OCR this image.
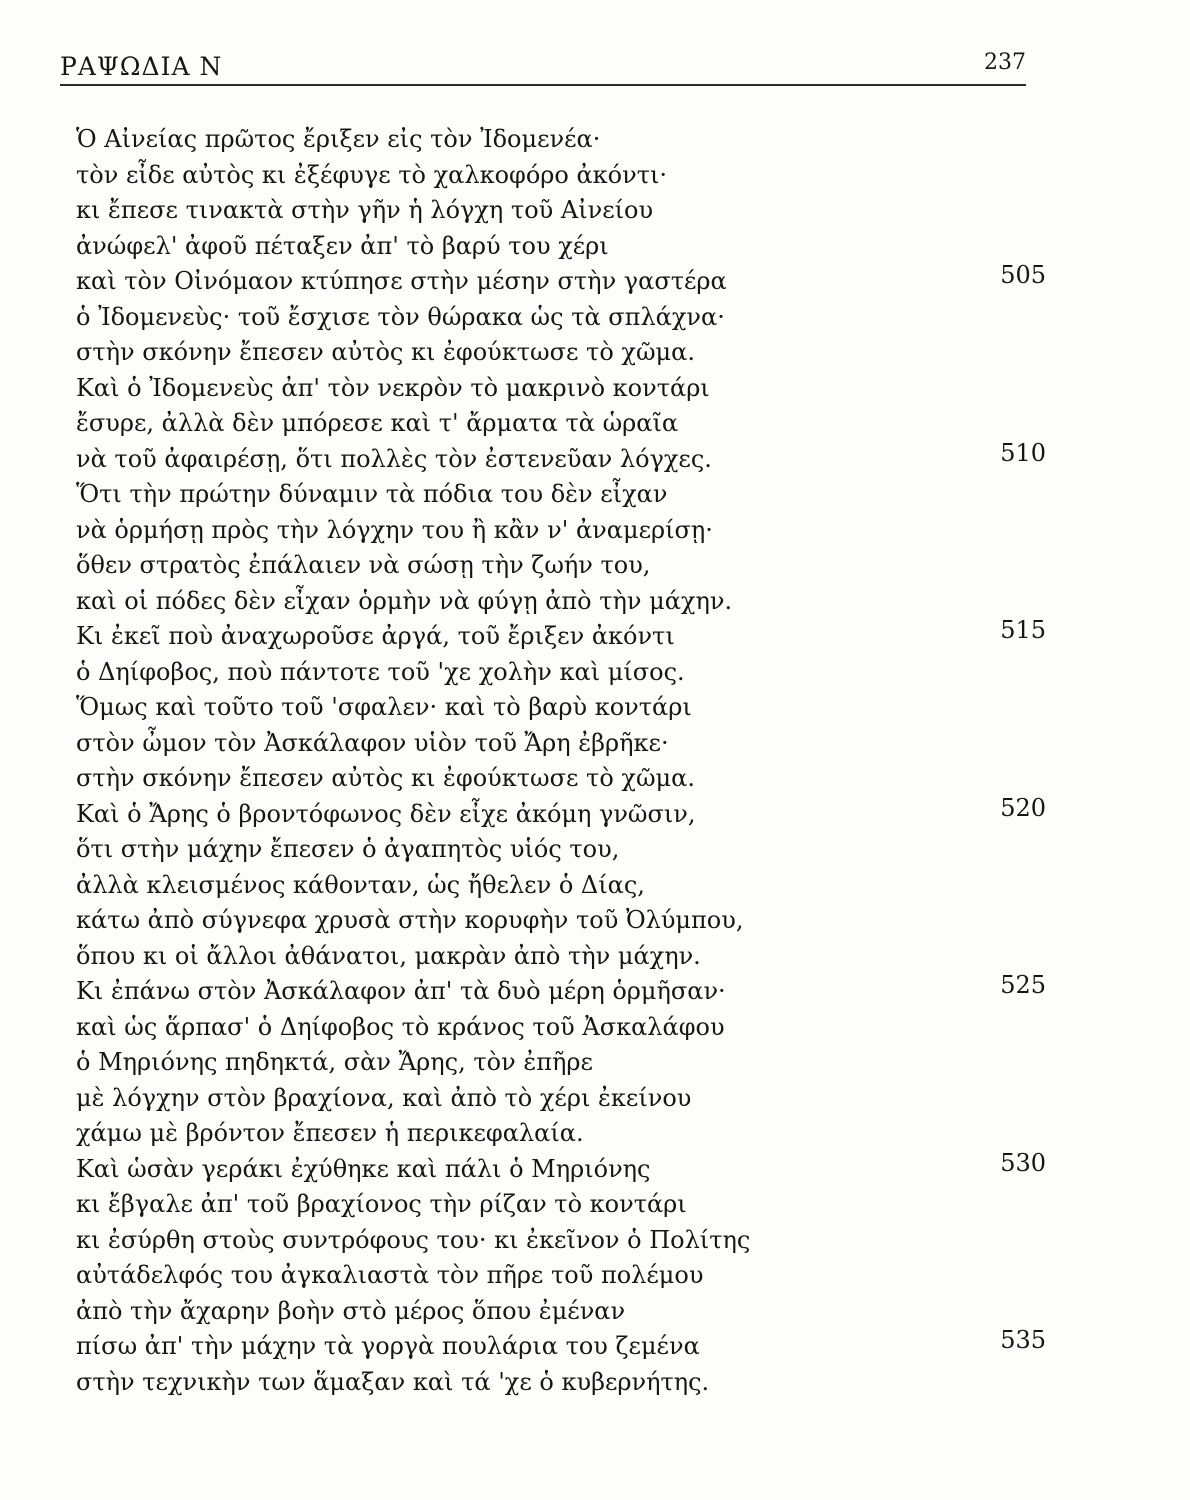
ΡΑΨΩΔΙΑ Ν	237
Ὁ Αἰνείας πρῶτος ἔριξεν εἰς τὸν Ἰδομενέα·
τὸν εἶδε αὐτὸς κι ἐξέφυγε τὸ χαλκοφόρο ἀκόντι·
κι ἔπεσε τινακτὰ στὴν γῆν ἡ λόγχη τοῦ Αἰνείου
ἀνώφελ' ἀφοῦ πέταξεν ἀπ' τὸ βαρύ του χέρι
καὶ τὸν Οἰνόμαον κτύπησε στὴν μέσην στὴν γαστέρα	505
ὁ Ἰδομενεὺς· τοῦ ἔσχισε τὸν θώρακα ὡς τὰ σπλάχνα·
στὴν σκόνην ἔπεσεν αὐτὸς κι ἐφούκτωσε τὸ χῶμα.
Καὶ ὁ Ἰδομενεὺς ἀπ' τὸν νεκρὸν τὸ μακρινὸ κοντάρι
ἔσυρε, ἀλλὰ δὲν μπόρεσε καὶ τ' ἄρματα τὰ ὡραῖα
νὰ τοῦ ἀφαιρέσῃ, ὅτι πολλὲς τὸν ἐστενεῦαν λόγχες.	510
Ὅτι τὴν πρώτην δύναμιν τὰ πόδια του δὲν εἶχαν
νὰ ὁρμήσῃ πρὸς τὴν λόγχην του ἢ κἂν ν' ἀναμερίσῃ·
ὅθεν στρατὸς ἐπάλαιεν νὰ σώσῃ τὴν ζωήν του,
καὶ οἱ πόδες δὲν εἶχαν ὁρμὴν νὰ φύγῃ ἀπὸ τὴν μάχην.
Κι ἐκεῖ ποὺ ἀναχωροῦσε ἀργά, τοῦ ἔριξεν ἀκόντι	515
ὁ Δηίφοβος, ποὺ πάντοτε τοῦ 'χε χολὴν καὶ μίσος.
Ὅμως καὶ τοῦτο τοῦ 'σφαλεν· καὶ τὸ βαρὺ κοντάρι
στὸν ὦμον τὸν Ἀσκάλαφον υἱὸν τοῦ Ἄρη ἐβρῆκε·
στὴν σκόνην ἔπεσεν αὐτὸς κι ἐφούκτωσε τὸ χῶμα.
Καὶ ὁ Ἄρης ὁ βροντόφωνος δὲν εἶχε ἀκόμη γνῶσιν,	520
ὅτι στὴν μάχην ἔπεσεν ὁ ἀγαπητὸς υἱός του,
ἀλλὰ κλεισμένος κάθονταν, ὡς ἤθελεν ὁ Δίας,
κάτω ἀπὸ σύγνεφα χρυσὰ στὴν κορυφὴν τοῦ Ὀλύμπου,
ὅπου κι οἱ ἄλλοι ἀθάνατοι, μακρὰν ἀπὸ τὴν μάχην.
Κι ἐπάνω στὸν Ἀσκάλαφον ἀπ' τὰ δυὸ μέρη ὁρμῆσαν·	525
καὶ ὡς ἅρπασ' ὁ Δηίφοβος τὸ κράνος τοῦ Ἀσκαλάφου
ὁ Μηριόνης πηδηκτά, σὰν Ἄρης, τὸν ἐπῆρε
μὲ λόγχην στὸν βραχίονα, καὶ ἀπὸ τὸ χέρι ἐκείνου
χάμω μὲ βρόντον ἔπεσεν ἡ περικεφαλαία.
Καὶ ὡσὰν γεράκι ἐχύθηκε καὶ πάλι ὁ Μηριόνης	530
κι ἔβγαλε ἀπ' τοῦ βραχίονος τὴν ρίζαν τὸ κοντάρι
κι ἐσύρθη στοὺς συντρόφους του· κι ἐκεῖνον ὁ Πολίτης
αὐτάδελφός του ἀγκαλιαστὰ τὸν πῆρε τοῦ πολέμου
ἀπὸ τὴν ἄχαρην βοὴν στὸ μέρος ὅπου ἐμέναν
πίσω ἀπ' τὴν μάχην τὰ γοργὰ πουλάρια του ζεμένα	535
στὴν τεχνικὴν των ἅμαξαν καὶ τά 'χε ὁ κυβερνήτης.
